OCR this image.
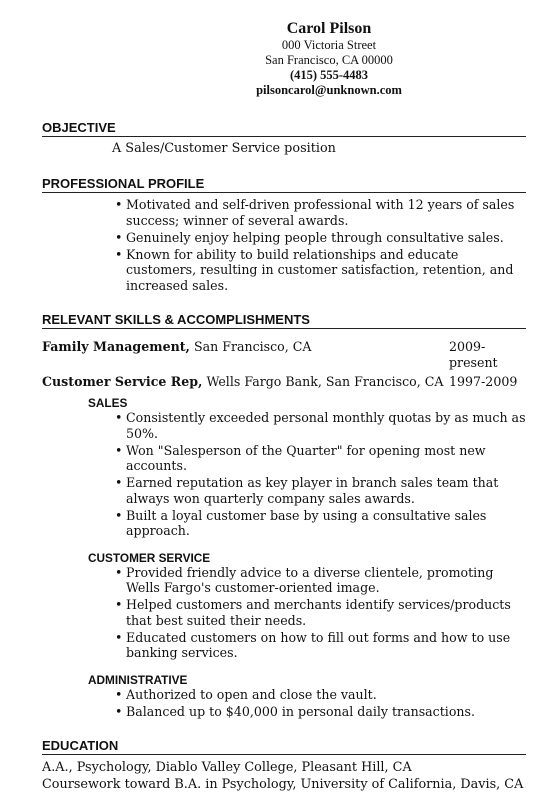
Carol Pilson
000 Victoria Street
San Francisco, CA 00000
(415) 555-4483
pilsoncarol@unknown.com
OBJECTIVE
A Sales/Customer Service position
PROFESSIONAL PROFILE
• Motivated and self-driven professional with 12 years of sales success; winner of several awards.
• Genuinely enjoy helping people through consultative sales.
• Known for ability to build relationships and educate customers, resulting in customer satisfaction, retention, and increased sales.
RELEVANT SKILLS & ACCOMPLISHMENTS
Family Management, San Francisco, CA	2009-present
Customer Service Rep, Wells Fargo Bank, San Francisco, CA 1997-2009
SALES
• Consistently exceeded personal monthly quotas by as much as 50%.
• Won "Salesperson of the Quarter" for opening most new accounts.
• Earned reputation as key player in branch sales team that always won quarterly company sales awards.
• Built a loyal customer base by using a consultative sales approach.
CUSTOMER SERVICE
• Provided friendly advice to a diverse clientele, promoting Wells Fargo's customer-oriented image.
• Helped customers and merchants identify services/products that best suited their needs.
• Educated customers on how to fill out forms and how to use banking services.
ADMINISTRATIVE
• Authorized to open and close the vault.
• Balanced up to $40,000 in personal daily transactions.
EDUCATION
A.A., Psychology, Diablo Valley College, Pleasant Hill, CA
Coursework toward B.A. in Psychology, University of California, Davis, CA
